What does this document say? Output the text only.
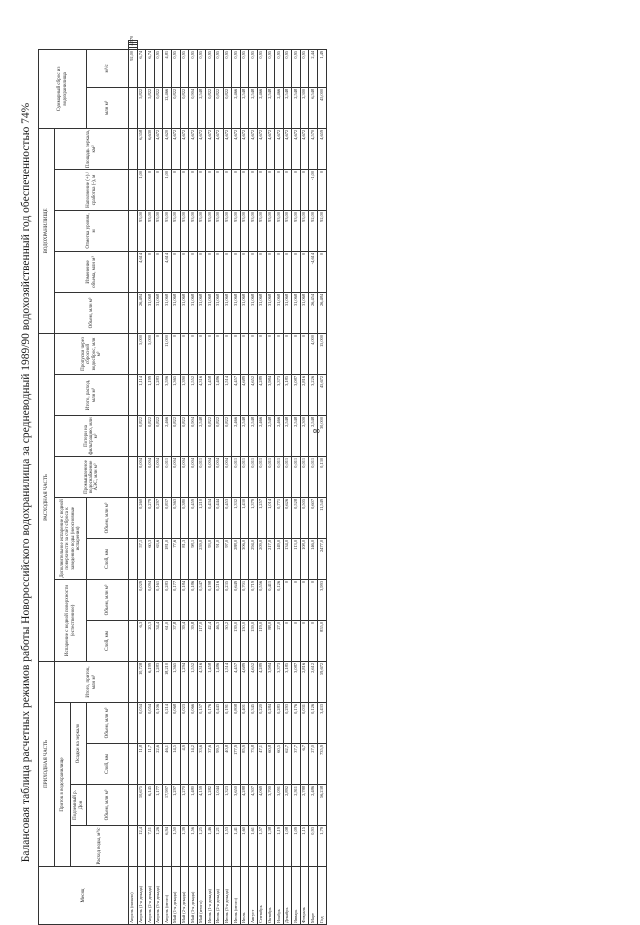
8
Балансовая таблица расчетных режимов работы Новороссийского водохранилища за средневодный 1989/90 водохозяйственный год обеспеченностью 74%
Месяц	ПРИХОДНАЯ ЧАСТЬ					РАСХОДНАЯ ЧАСТЬ								ВОДОХРАНИЛИЩЕ					Суммарный сброс из водохранилища					
	Приток в водохранилище				Итого, приток, млн м³	Испарение с водной поверхности (естественное)		Дополнительное испарение с водной поверхности за счёт сброса к заведению воды (неосновные испарения)		Промышленное водоснабжение АЭС, млн м³	Потери на фильтрацию, млн м³	Итого, расход, млн м³	Пропуски через сбросной водосброс, млн м³	Объем, млн м³	Изменение объема, млн м³	Отметка уровня, м	Наполнение (+) / сработка (-), м	Площадь зеркала, км²						
	Расход воды, м³/с	Подземный р. Дон	Осадки на зеркало																					
		Объем, млн м³	Слой, мм	Объем, млн м³		Слой, мм	Объем, млн м³	Слой, мм	Объем, млн м³										млн м³	м³/с				
Апрель (начало)																				92,00		4,570		
Апрель (1-я декада)	12,4	10,675	11,8	0,054	10,728	6,3	0,029	57,1	0,260	0,004	0,822	1,114	5,000	26,484	4,614	93,00	1,00	6,358	5,822	6,74				
Апрель (2-я декада)	7,11	6,145	11,7	0,054	6,199	20,3	0,094	60,3	0,279	0,004	0,822	1,199	5,000	31,068	0	93,00	0	6,630	5,822	6,74				
Апрель (3-я декада)	1,26	1,177	22,6	0,106	1,283	34,4	0,161	63,6	0,297	0,004	0,822	1,283	0	31,068	0	93,00	0	4,672	0,822	0,95				
Апрель (итого)	6,94	17,997	46,1	0,214	18,210	61,0	0,283	181,0	0,837	0,011	2,466	3,596	11,000	31,068	4,614	93,00	1,00	4,620	12,466	4,81				
Май (1-я декада)	1,50	1,297	14,5	0,068	1,365	37,8	0,177	77,6	0,363	0,004	0,822	1,365	0	31,068	0	93,00	0	4,672	0,822	0,95				
Май (2-я декада)	1,39	1,270	4,9	0,023	1,294	39,4	0,184	81,3	0,380	0,004	0,822	1,390	0	31,068	0	93,00	0	4,672	0,822	0,95				
Май (3-я декада)	1,56	1,480	14,2	0,066	1,552	39,8	0,186	98,1	0,459	0,004	0,904	1,552	0	31,068	0	93,00	0	4,672	0,904	0,95				
Май (итого)	1,25	4,159	33,6	0,157	4,316	117,0	0,547	259,0	1,210	0,011	2,548	4,316	0	31,068	0	93,00	0	4,672	2,548	0,95				
Июнь (1-я декада)	1,46	1,282	37,6	0,176	1,458	42,4	0,198	93,0	0,434	0,004	0,822	1,458	0	31,068	0	93,00	0	4,672	0,822	0,95				
Июнь (2-я декада)	1,21	1,044	99,5	0,443	1,486	46,3	0,216	91,0	0,444	0,004	0,822	1,486	0	31,068	0	93,00	0	4,672	0,822	0,95				
Июнь (3-я декада)	1,53	1,323	40,8	0,191	1,514	50,2	0,235	97,0	0,453	0,004	0,822	1,514	0	31,068	0	93,00	0	4,672	0,822	0,95				
Июнь (итого)	1,41	3,650	177,9	0,808	4,457	139,0	0,649	288,0	1,332	0,011	2,466	4,457	0	31,068	0	93,00	0	4,672	2,466	0,95				
Июль	1,60	4,288	85,9	0,401	4,689	150,0	0,701	306,0	1,430	0,011	2,548	4,689	0	31,068	0	93,00	0	4,672	2,548	0,95				
Август	1,61	4,307	73,8	0,345	4,652	159,0	0,719	294,0	1,379	0,011	2,548	4,652	0	31,068	0	93,00	0	4,672	2,548	0,95				
Сентябрь	1,57	4,069	47,1	0,220	4,289	119,0	0,556	209,0	1,257	0,011	2,466	4,289	0	31,068	0	93,00	0	4,672	2,466	0,95				
Октябрь	1,38	3,700	60,8	0,284	3,984	88,0	0,411	217,0	1,014	0,011	2,548	3,984	0	31,068	0	93,00	0	4,672	2,548	0,95				
Ноябрь	1,19	3,091	60,5	0,283	3,373	27,0	0,126	149,0	0,771	0,011	2,466	3,373	0	31,068	0	93,00	0	4,672	2,466	0,95				
Декабрь	1,08	2,892	62,7	0,293	3,185	0	0	134,0	0,626	0,011	2,548	3,185	0	31,068	0	93,00	0	4,672	2,548	0,95				
Январь	1,09	2,911	37,7	0,176	3,087	0	0	113,0	0,528	0,011	2,548	3,087	0	31,068	0	93,00	0	4,672	2,548	0,95				
Февраль	1,15	2,788	6,7	0,031	2,816	0	0	108,0	0,505	0,011	2,300	2,816	0	31,068	0	93,00	0	4,672	2,300	0,95				
Март	0,93	2,486	27,0	0,126	2,612	0	0	146,0	0,607	0,011	2,548	3,226	4,000	26,454	-4,614	92,00	-1,00	4,570	6,548	2,44				
Год	1,79	56,238	735,9	3,433	59,672	855,0	3,993	2477,0	11,549	0,130	30,000	45,672	15,000	26,484	0	92,00	0	4,659	45,000	1,49				
